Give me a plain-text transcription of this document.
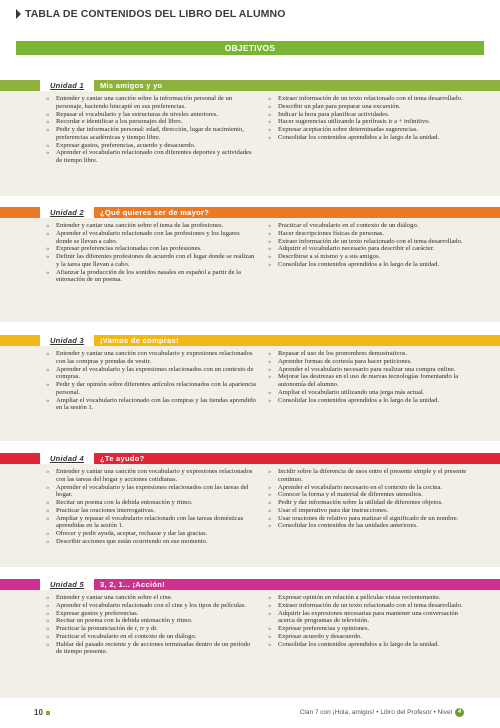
TABLA DE CONTENIDOS DEL LIBRO DEL ALUMNO
OBJETIVOS
Unidad 1	Mis amigos y yo
» Entender y cantar una canción sobre la información personal de un personaje, haciendo hincapié en sus preferencias.
» Repasar el vocabulario y las estructuras de niveles anteriores.
» Recordar e identificar a los personajes del libro.
» Pedir y dar información personal: edad, dirección, lugar de nacimiento, preferencias académicas y tiempo libre.
» Expresar gustos, preferencias, acuerdo y desacuerdo.
» Aprender el vocabulario relacionado con diferentes deportes y actividades de tiempo libre.
» Extraer información de un texto relacionado con el tema desarrollado.
» Describir un plan para preparar una excursión.
» Indicar la hora para planificar actividades.
» Hacer sugerencias utilizando la perífrasis ir a + infinitivo.
» Expresar aceptación sobre determinadas sugerencias.
» Consolidar los contenidos aprendidos a lo largo de la unidad.
Unidad 2	¿Qué quieres ser de mayor?
» Entender y cantar una canción sobre el tema de las profesiones.
» Aprender el vocabulario relacionado con las profesiones y los lugares donde se llevan a cabo.
» Expresar preferencias relacionadas con las profesiones.
» Definir las diferentes profesiones de acuerdo con el lugar donde se realizan y la tarea que llevan a cabo.
» Afianzar la producción de los sonidos nasales en español a partir de la entonación de un poema.
» Practicar el vocabulario en el contexto de un diálogo.
» Hacer descripciones físicas de personas.
» Extraer información de un texto relacionado con el tema desarrollado.
» Adquirir el vocabulario necesario para describir el carácter.
» Describirse a sí mismo y a sus amigos.
» Consolidar los contenidos aprendidos a lo largo de la unidad.
Unidad 3	¡Vamos de compras!
» Entender y cantar una canción con vocabulario y expresiones relacionados con las compras y prendas de vestir.
» Aprender el vocabulario y las expresiones relacionados con un contexto de compras.
» Pedir y dar opinión sobre diferentes artículos relacionados con la apariencia personal.
» Ampliar el vocabulario relacionado con las compras y las tiendas aprendido en la sesión 1.
» Repasar el uso de los pronombres demostrativos.
» Aprender formas de cortesía para hacer peticiones.
» Aprender el vocabulario necesario para realizar una compra online.
» Mejorar las destrezas en el uso de nuevas tecnologías fomentando la autonomía del alumno.
» Ampliar el vocabulario utilizando una jerga más actual.
» Consolidar los contenidos aprendidos a lo largo de la unidad.
Unidad 4	¿Te ayudo?
» Entender y cantar una canción con vocabulario y expresiones relacionados con las tareas del hogar y acciones cotidianas.
» Aprender el vocabulario y las expresiones relacionados con las tareas del hogar.
» Recitar un poema con la debida entonación y ritmo.
» Practicar las oraciones interrogativas.
» Ampliar y repasar el vocabulario relacionado con las tareas domésticas aprendidas en la sesión 1.
» Ofrecer y pedir ayuda, aceptar, rechazar y dar las gracias.
» Describir acciones que están ocurriendo en ese momento.
» Incidir sobre la diferencia de usos entre el presente simple y el presente continuo.
» Aprender el vocabulario necesario en el contexto de la cocina.
» Conocer la forma y el material de diferentes utensilios.
» Pedir y dar información sobre la utilidad de diferentes objetos.
» Usar el imperativo para dar instrucciones.
» Usar oraciones de relativo para matizar el significado de un nombre.
» Consolidar los contenidos de las unidades anteriores.
Unidad 5	3, 2, 1... ¡Acción!
» Entender y cantar una canción sobre el cine.
» Aprender el vocabulario relacionado con el cine y los tipos de películas.
» Expresar gustos y preferencias.
» Recitar un poema con la debida entonación y ritmo.
» Practicar la pronunciación de r, rr y dr.
» Practicar el vocabulario en el contexto de un diálogo.
» Hablar del pasado reciente y de acciones terminadas dentro de un período de tiempo presente.
» Expresar opinión en relación a películas vistas recientemente.
» Extraer información de un texto relacionado con el tema desarrollado.
» Adquirir las expresiones necesarias para mantener una conversación acerca de programas de televisión.
» Expresar preferencias y opiniones.
» Expresar acuerdo y desacuerdo.
» Consolidar los contenidos aprendidos a lo largo de la unidad.
10	Clan 7 con ¡Hola, amigos! • Libro del Profesor • Nivel 4
